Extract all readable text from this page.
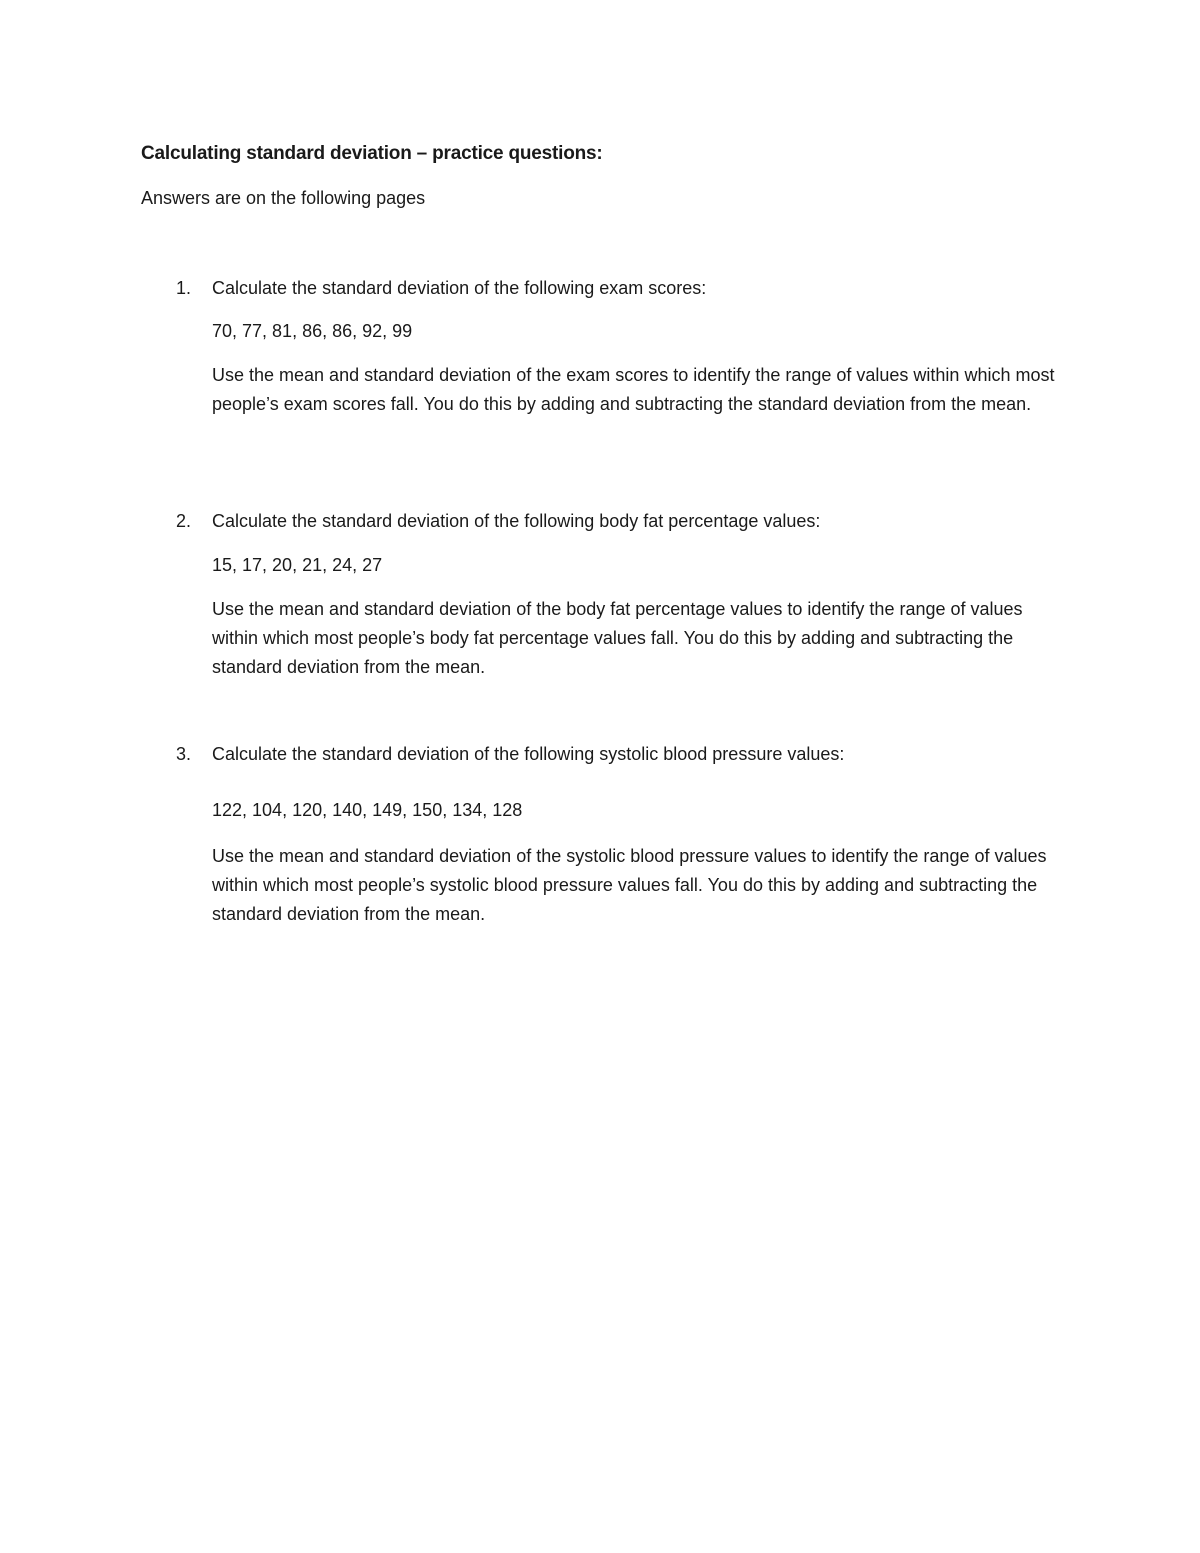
Calculating standard deviation – practice questions:
Answers are on the following pages
1. Calculate the standard deviation of the following exam scores:
70, 77, 81, 86, 86, 92, 99
Use the mean and standard deviation of the exam scores to identify the range of values within which most people’s exam scores fall. You do this by adding and subtracting the standard deviation from the mean.
2. Calculate the standard deviation of the following body fat percentage values:
15, 17, 20, 21, 24, 27
Use the mean and standard deviation of the body fat percentage values to identify the range of values within which most people’s body fat percentage values fall. You do this by adding and subtracting the standard deviation from the mean.
3. Calculate the standard deviation of the following systolic blood pressure values:
122, 104, 120, 140, 149, 150, 134, 128
Use the mean and standard deviation of the systolic blood pressure values to identify the range of values within which most people’s systolic blood pressure values fall. You do this by adding and subtracting the standard deviation from the mean.
